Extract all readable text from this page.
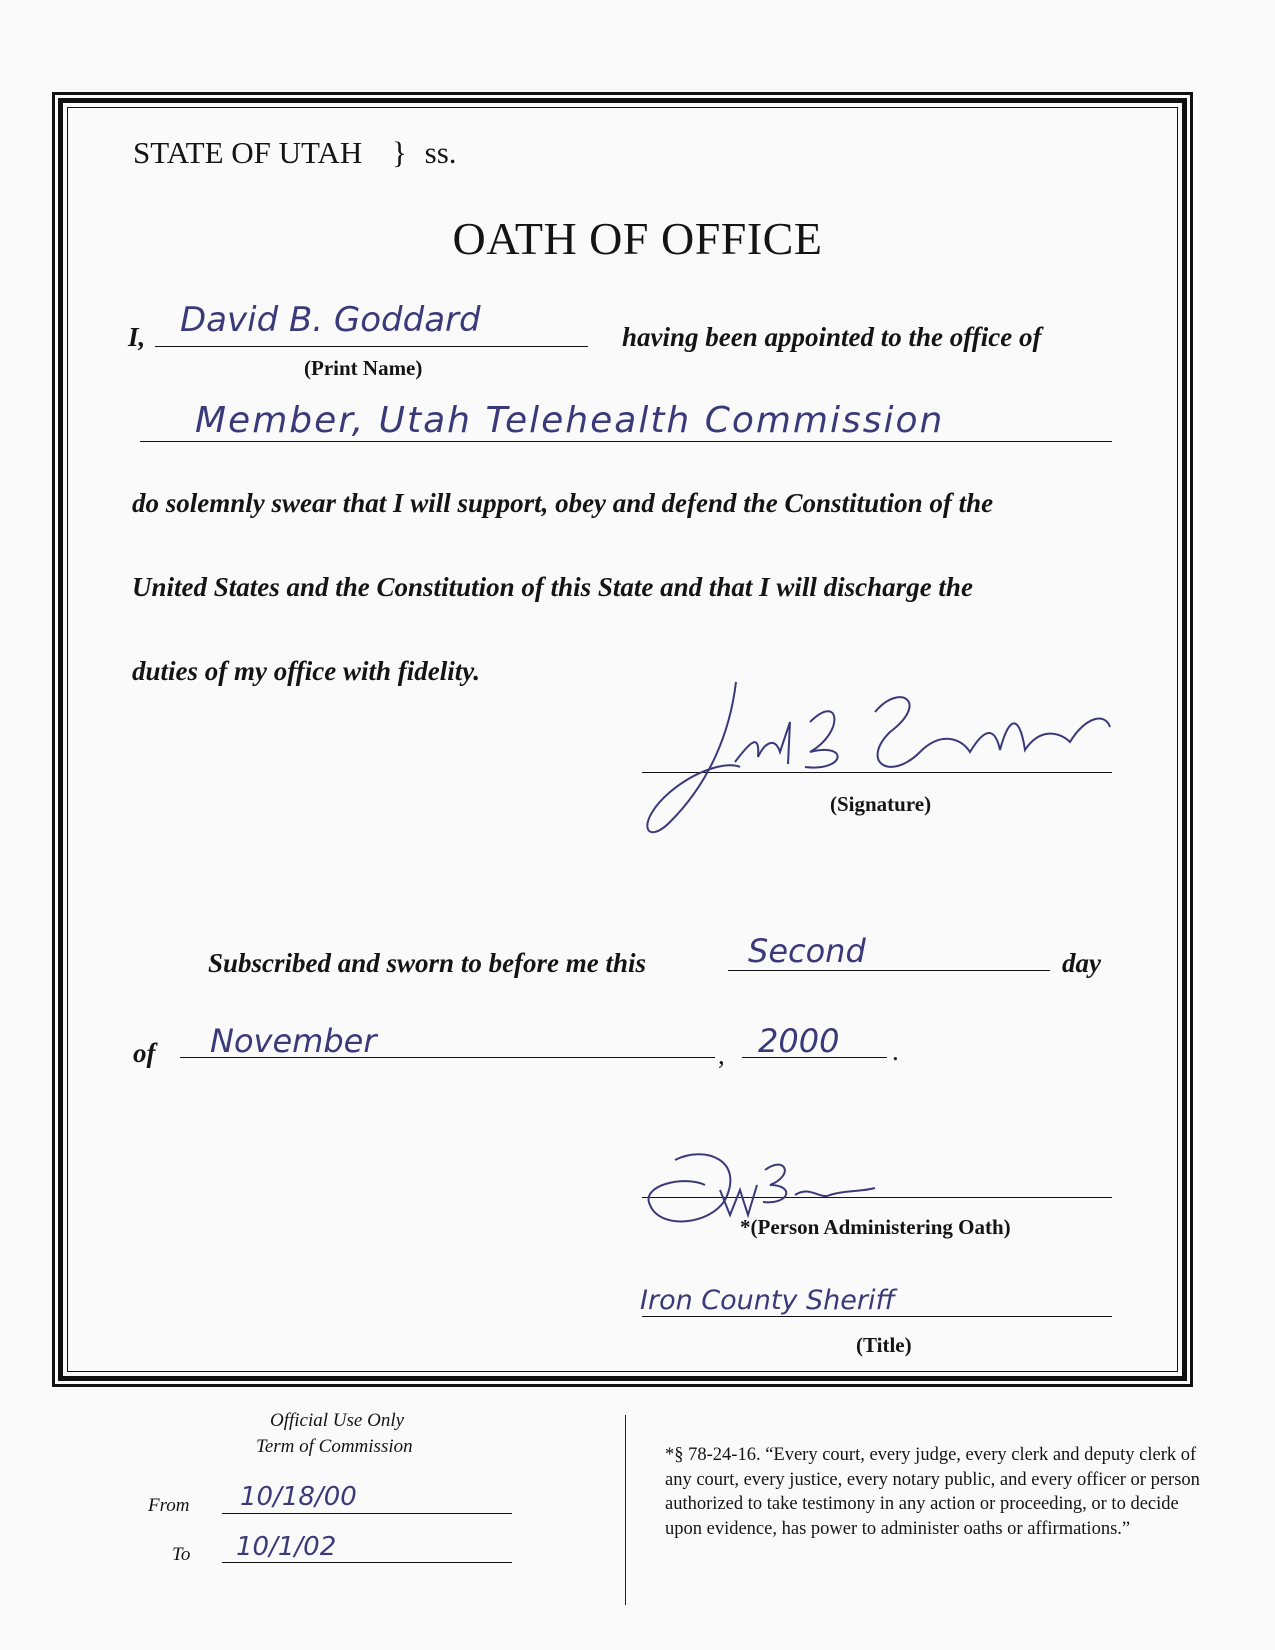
STATE OF UTAH } ss.
OATH OF OFFICE
I, David B. Goddard
(Print Name)
having been appointed to the office of
Member, Utah Telehealth Commission
do solemnly swear that I will support, obey and defend the Constitution of the
United States and the Constitution of this State and that I will discharge the
duties of my office with fidelity.
(Signature)
Subscribed and sworn to before me this	Second	day
of November	, 2000 .
*(Person Administering Oath)
Iron County Sheriff
(Title)
Official Use Only
Term of Commission
From 10/18/00
To 10/1/02
*§ 78-24-16. “Every court, every judge, every clerk and deputy clerk of any court, every justice, every notary public, and every officer or person authorized to take testimony in any action or proceeding, or to decide upon evidence, has power to administer oaths or affirmations.”
